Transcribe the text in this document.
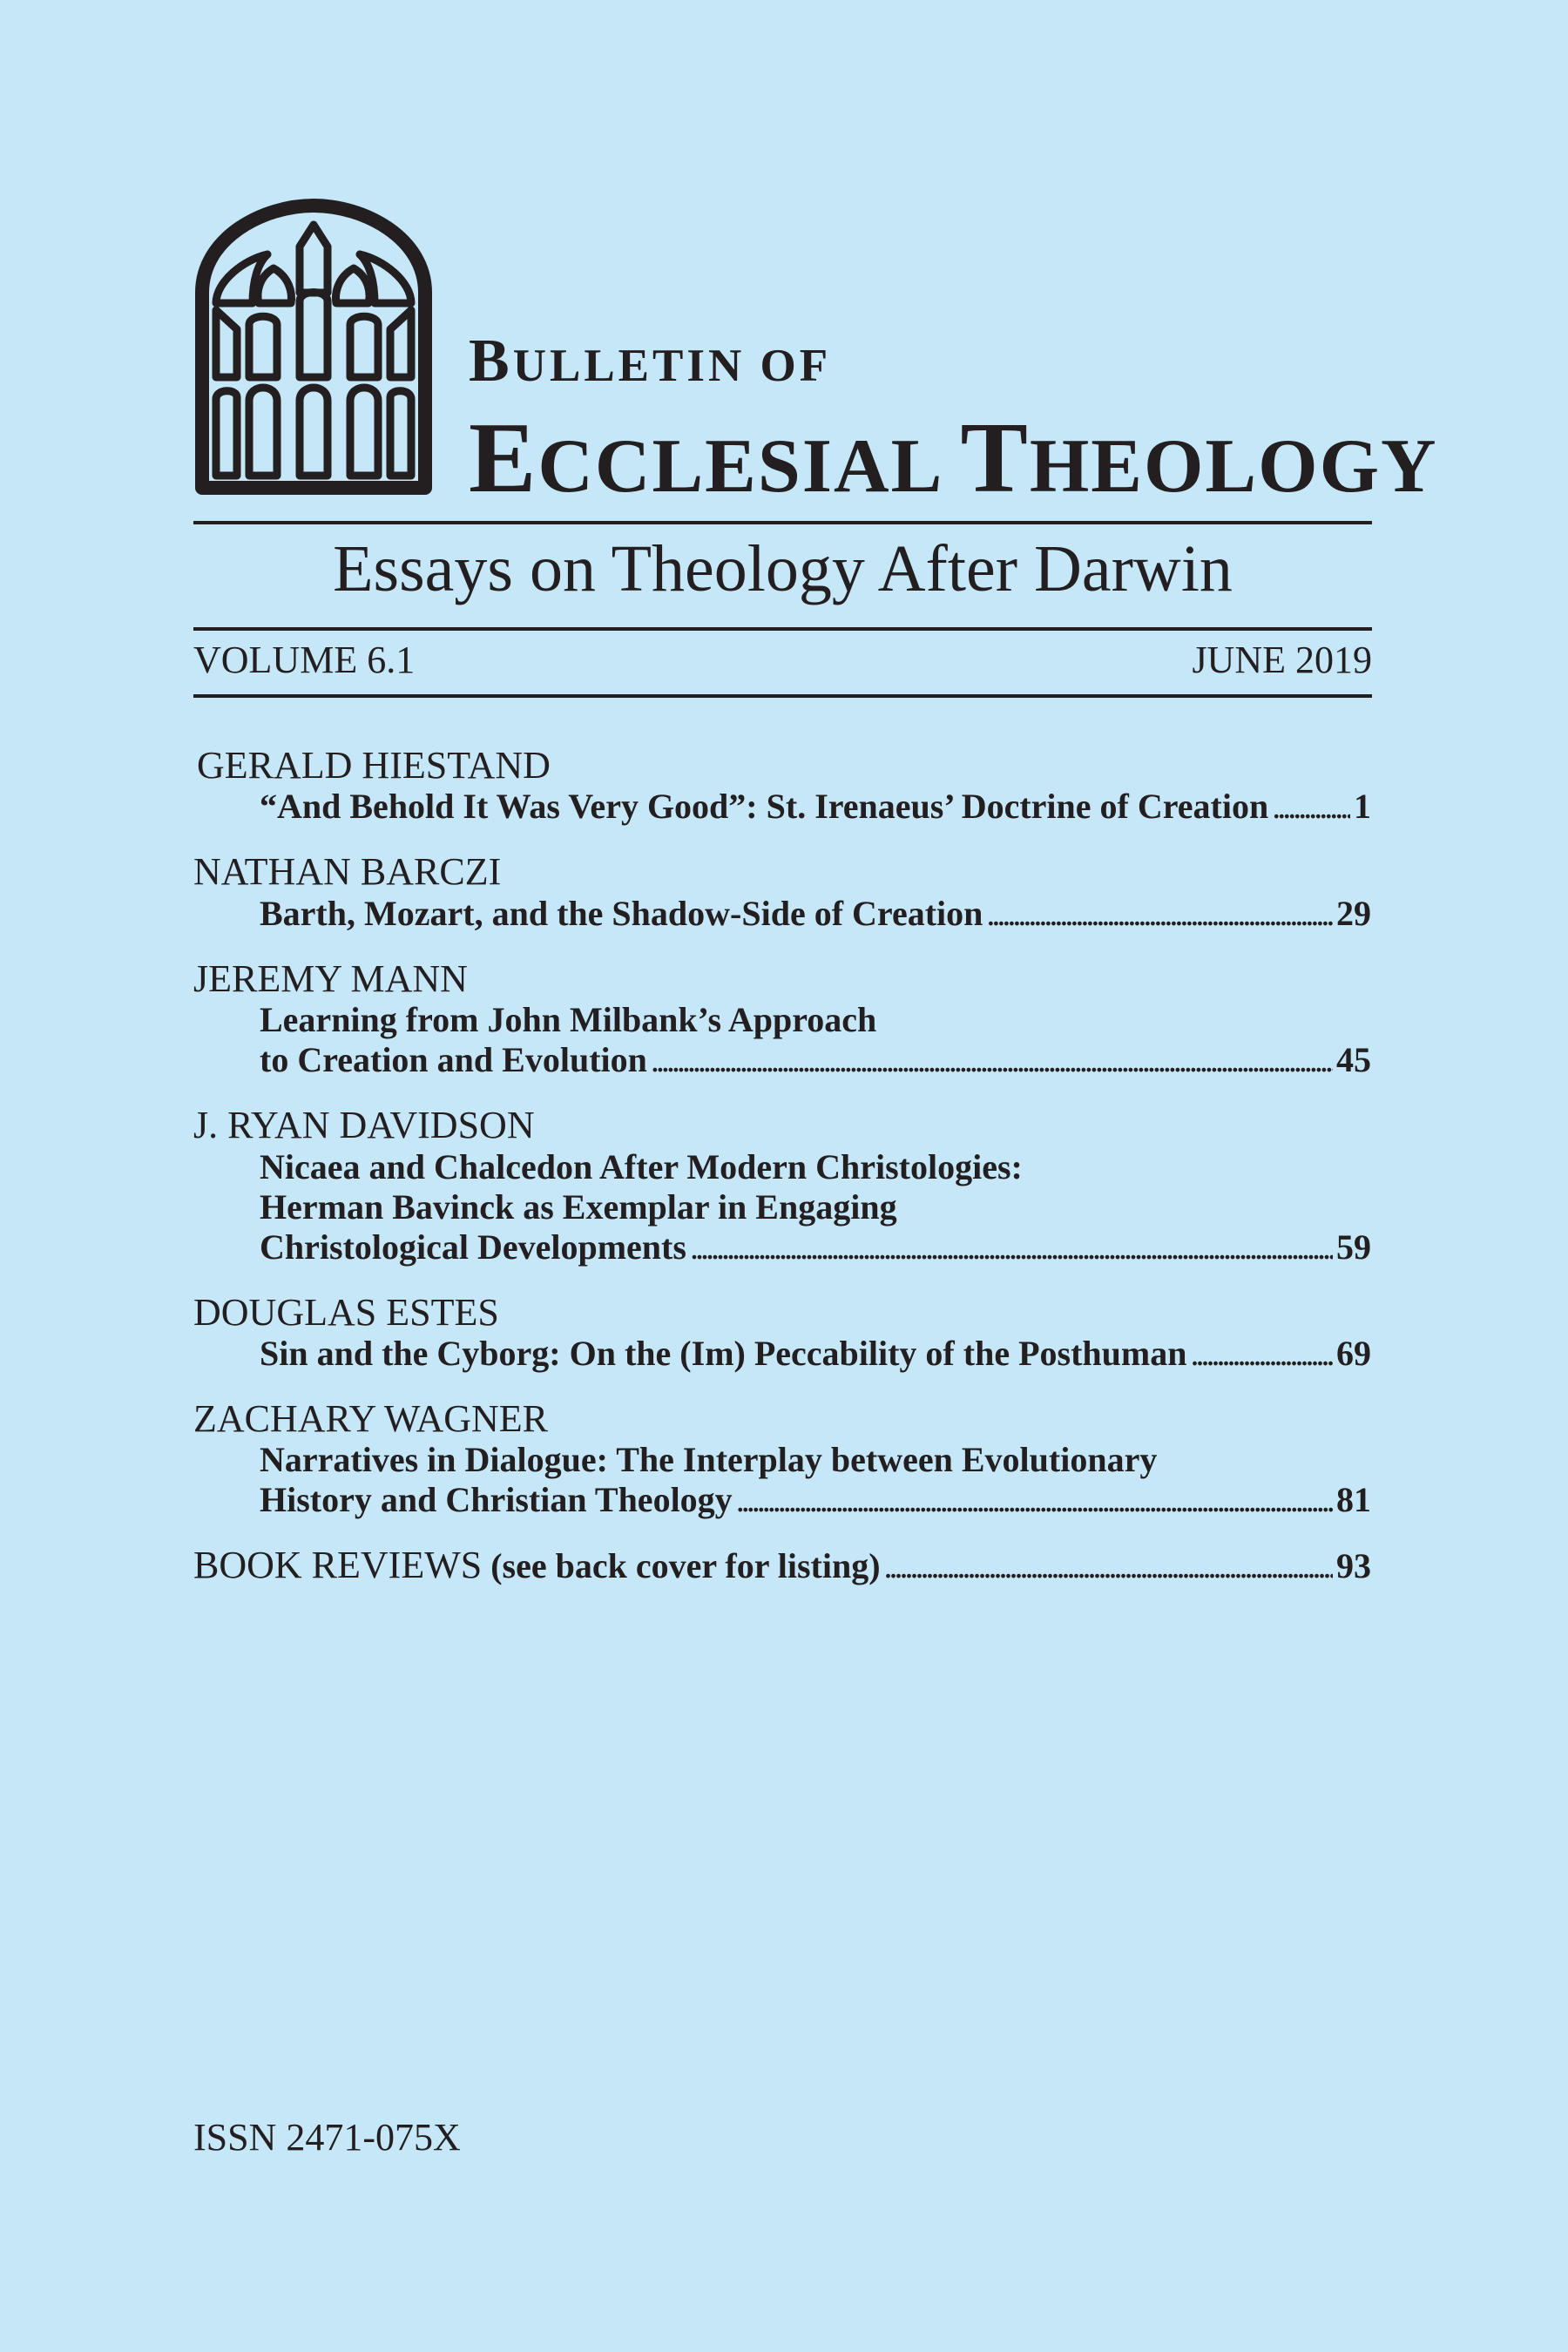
BULLETIN OF
ECCLESIAL THEOLOGY
Essays on Theology After Darwin
VOLUME 6.1	JUNE 2019
GERALD HIESTAND
“And Behold It Was Very Good”: St. Irenaeus’ Doctrine of Creation . . . 1
NATHAN BARCZI
Barth, Mozart, and the Shadow-Side of Creation . . .	29
JEREMY MANN
Learning from John Milbank’s Approach
to Creation and Evolution . . .	45
J. RYAN DAVIDSON
Nicaea and Chalcedon After Modern Christologies:
Herman Bavinck as Exemplar in Engaging
Christological Developments . . .	59
DOUGLAS ESTES
Sin and the Cyborg: On the (Im) Peccability of the Posthuman . . .	69
ZACHARY WAGNER
Narratives in Dialogue: The Interplay between Evolutionary
History and Christian Theology . . .	81
BOOK REVIEWS (see back cover for listing) . . .	93
ISSN 2471-075X
